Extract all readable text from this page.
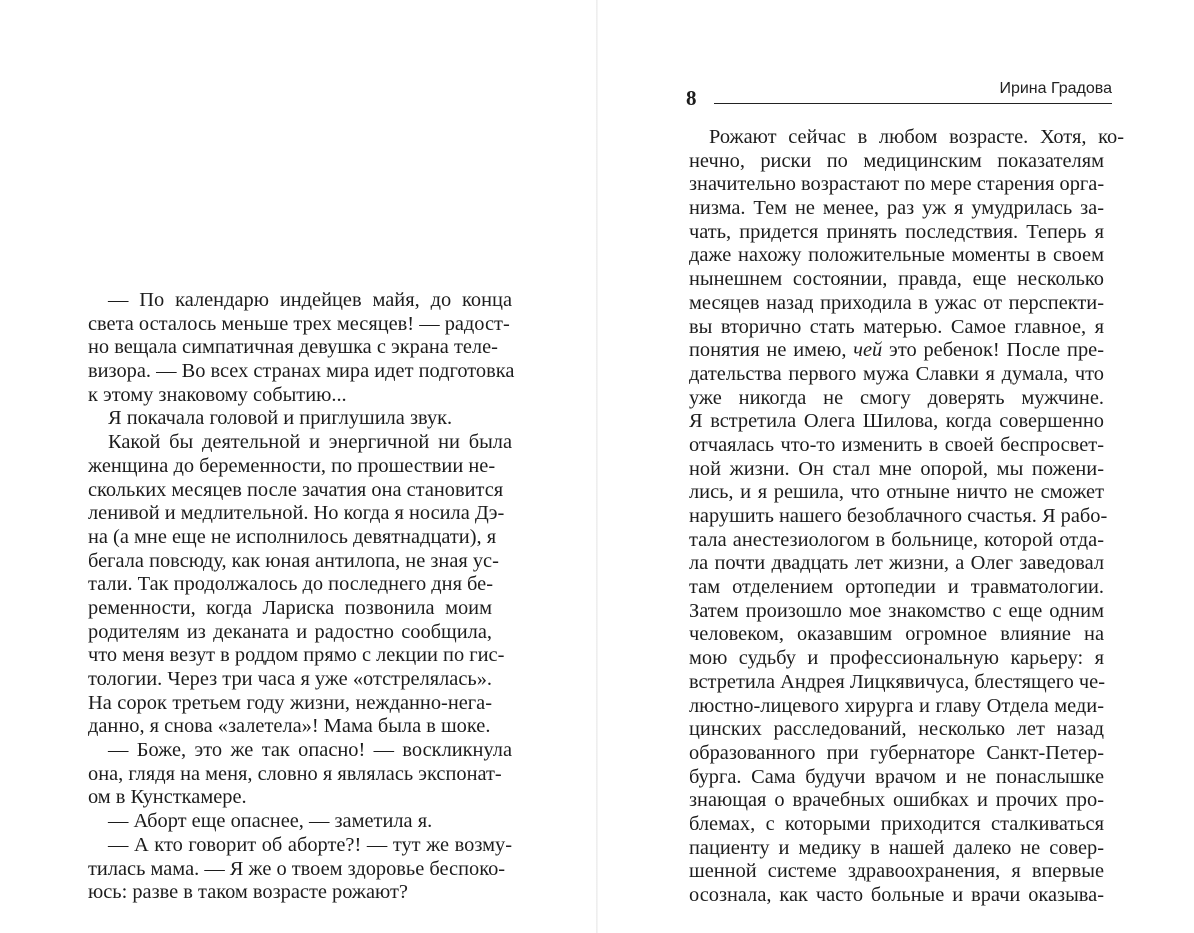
— По календарю индейцев майя, до конца
света осталось меньше трех месяцев! — радост-
но вещала симпатичная девушка с экрана теле-
визора. — Во всех странах мира идет подготовка
к этому знаковому событию...
Я покачала головой и приглушила звук.
Какой бы деятельной и энергичной ни была
женщина до беременности, по прошествии не-
скольких месяцев после зачатия она становится
ленивой и медлительной. Но когда я носила Дэ-
на (а мне еще не исполнилось девятнадцати), я
бегала повсюду, как юная антилопа, не зная ус-
тали. Так продолжалось до последнего дня бе-
ременности, когда Лариска позвонила моим
родителям из деканата и радостно сообщила,
что меня везут в роддом прямо с лекции по гис-
тологии. Через три часа я уже «отстрелялась».
На сорок третьем году жизни, нежданно-нега-
данно, я снова «залетела»! Мама была в шоке.
— Боже, это же так опасно! — воскликнула
она, глядя на меня, словно я являлась экспонат-
ом в Кунсткамере.
— Аборт еще опаснее, — заметила я.
— А кто говорит об аборте?! — тут же возму-
тилась мама. — Я же о твоем здоровье беспоко-
юсь: разве в таком возрасте рожают?
8	Ирина Градова
Рожают сейчас в любом возрасте. Хотя, ко-
нечно, риски по медицинским показателям
значительно возрастают по мере старения орга-
низма. Тем не менее, раз уж я умудрилась за-
чать, придется принять последствия. Теперь я
даже нахожу положительные моменты в своем
нынешнем состоянии, правда, еще несколько
месяцев назад приходила в ужас от перспекти-
вы вторично стать матерью. Самое главное, я
понятия не имею, чей это ребенок! После пре-
дательства первого мужа Славки я думала, что
уже никогда не смогу доверять мужчине.
Я встретила Олега Шилова, когда совершенно
отчаялась что-то изменить в своей беспросвет-
ной жизни. Он стал мне опорой, мы пожени-
лись, и я решила, что отныне ничто не сможет
нарушить нашего безоблачного счастья. Я рабо-
тала анестезиологом в больнице, которой отда-
ла почти двадцать лет жизни, а Олег заведовал
там отделением ортопедии и травматологии.
Затем произошло мое знакомство с еще одним
человеком, оказавшим огромное влияние на
мою судьбу и профессиональную карьеру: я
встретила Андрея Лицкявичуса, блестящего че-
люстно-лицевого хирурга и главу Отдела меди-
цинских расследований, несколько лет назад
образованного при губернаторе Санкт-Петер-
бурга. Сама будучи врачом и не понаслышке
знающая о врачебных ошибках и прочих про-
блемах, с которыми приходится сталкиваться
пациенту и медику в нашей далеко не совер-
шенной системе здравоохранения, я впервые
осознала, как часто больные и врачи оказыва-
